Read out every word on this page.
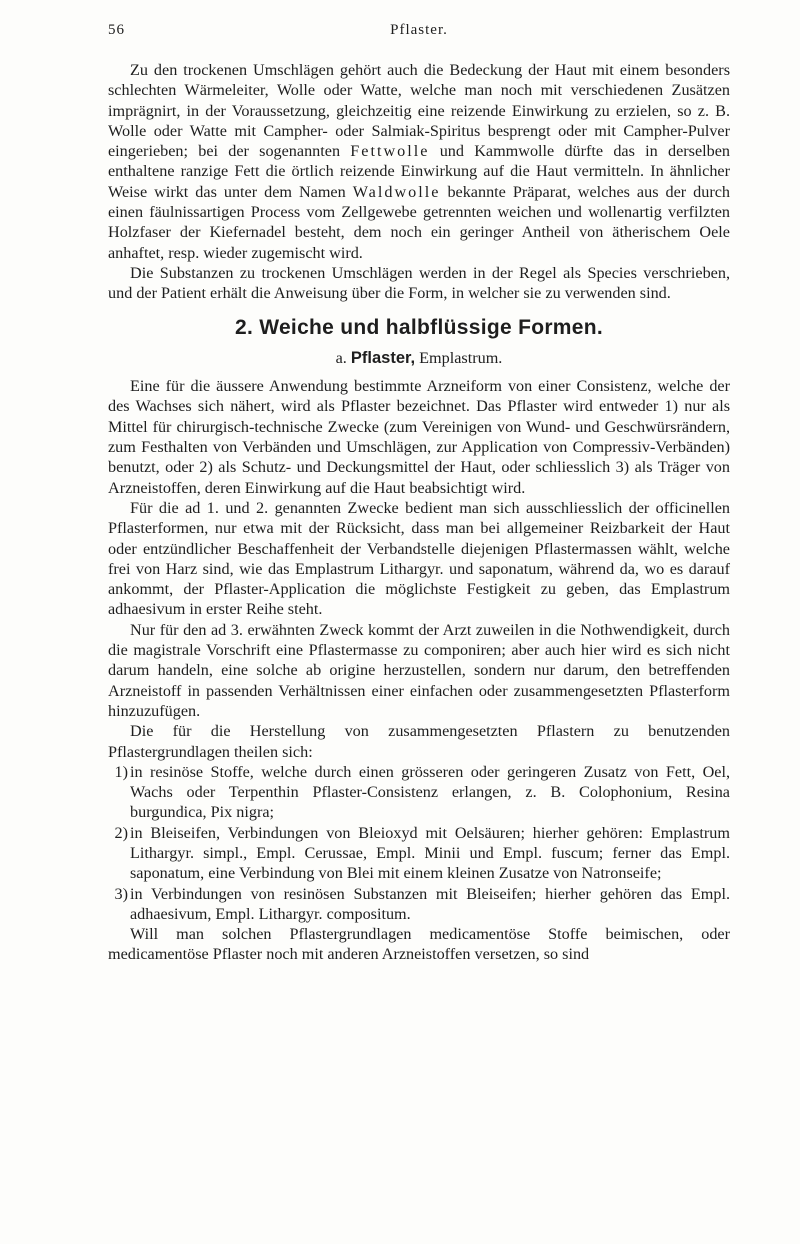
56	Pflaster.

Zu den trockenen Umschlägen gehört auch die Bedeckung der Haut mit einem besonders schlechten Wärmeleiter, Wolle oder Watte, welche man noch mit verschiedenen Zusätzen imprägnirt, in der Voraussetzung, gleichzeitig eine reizende Einwirkung zu erzielen, so z. B. Wolle oder Watte mit Campher- oder Salmiak-Spiritus besprengt oder mit Campher-Pulver eingerieben; bei der sogenannten Fettwolle und Kammwolle dürfte das in derselben enthaltene ranzige Fett die örtlich reizende Einwirkung auf die Haut vermitteln. In ähnlicher Weise wirkt das unter dem Namen Waldwolle bekannte Präparat, welches aus der durch einen fäulnissartigen Process vom Zellgewebe getrennten weichen und wollenartig verfilzten Holzfaser der Kiefernadel besteht, dem noch ein geringer Antheil von ätherischem Oele anhaftet, resp. wieder zugemischt wird.

Die Substanzen zu trockenen Umschlägen werden in der Regel als Species verschrieben, und der Patient erhält die Anweisung über die Form, in welcher sie zu verwenden sind.

2. Weiche und halbflüssige Formen.
a. Pflaster, Emplastrum.

Eine für die äussere Anwendung bestimmte Arzneiform von einer Consistenz, welche der des Wachses sich nähert, wird als Pflaster bezeichnet. Das Pflaster wird entweder 1) nur als Mittel für chirurgisch-technische Zwecke (zum Vereinigen von Wund- und Geschwürsrändern, zum Festhalten von Verbänden und Umschlägen, zur Application von Compressiv-Verbänden) benutzt, oder 2) als Schutz- und Deckungsmittel der Haut, oder schliesslich 3) als Träger von Arzneistoffen, deren Einwirkung auf die Haut beabsichtigt wird.

Für die ad 1. und 2. genannten Zwecke bedient man sich ausschliesslich der officinellen Pflasterformen, nur etwa mit der Rücksicht, dass man bei allgemeiner Reizbarkeit der Haut oder entzündlicher Beschaffenheit der Verbandstelle diejenigen Pflastermassen wählt, welche frei von Harz sind, wie das Emplastrum Lithargyr. und saponatum, während da, wo es darauf ankommt, der Pflaster-Application die möglichste Festigkeit zu geben, das Emplastrum adhaesivum in erster Reihe steht.

Nur für den ad 3. erwähnten Zweck kommt der Arzt zuweilen in die Nothwendigkeit, durch die magistrale Vorschrift eine Pflastermasse zu componiren; aber auch hier wird es sich nicht darum handeln, eine solche ab origine herzustellen, sondern nur darum, den betreffenden Arzneistoff in passenden Verhältnissen einer einfachen oder zusammengesetzten Pflasterform hinzuzufügen.

Die für die Herstellung von zusammengesetzten Pflastern zu benutzenden Pflastergrundlagen theilen sich:

1) in resinöse Stoffe, welche durch einen grösseren oder geringeren Zusatz von Fett, Oel, Wachs oder Terpenthin Pflaster-Consistenz erlangen, z. B. Colophonium, Resina burgundica, Pix nigra;
2) in Bleiseifen, Verbindungen von Bleioxyd mit Oelsäuren; hierher gehören: Emplastrum Lithargyr. simpl., Empl. Cerussae, Empl. Minii und Empl. fuscum; ferner das Empl. saponatum, eine Verbindung von Blei mit einem kleinen Zusatze von Natronseife;
3) in Verbindungen von resinösen Substanzen mit Bleiseifen; hierher gehören das Empl. adhaesivum, Empl. Lithargyr. compositum.

Will man solchen Pflastergrundlagen medicamentöse Stoffe beimischen, oder medicamentöse Pflaster noch mit anderen Arzneistoffen versetzen, so sind
